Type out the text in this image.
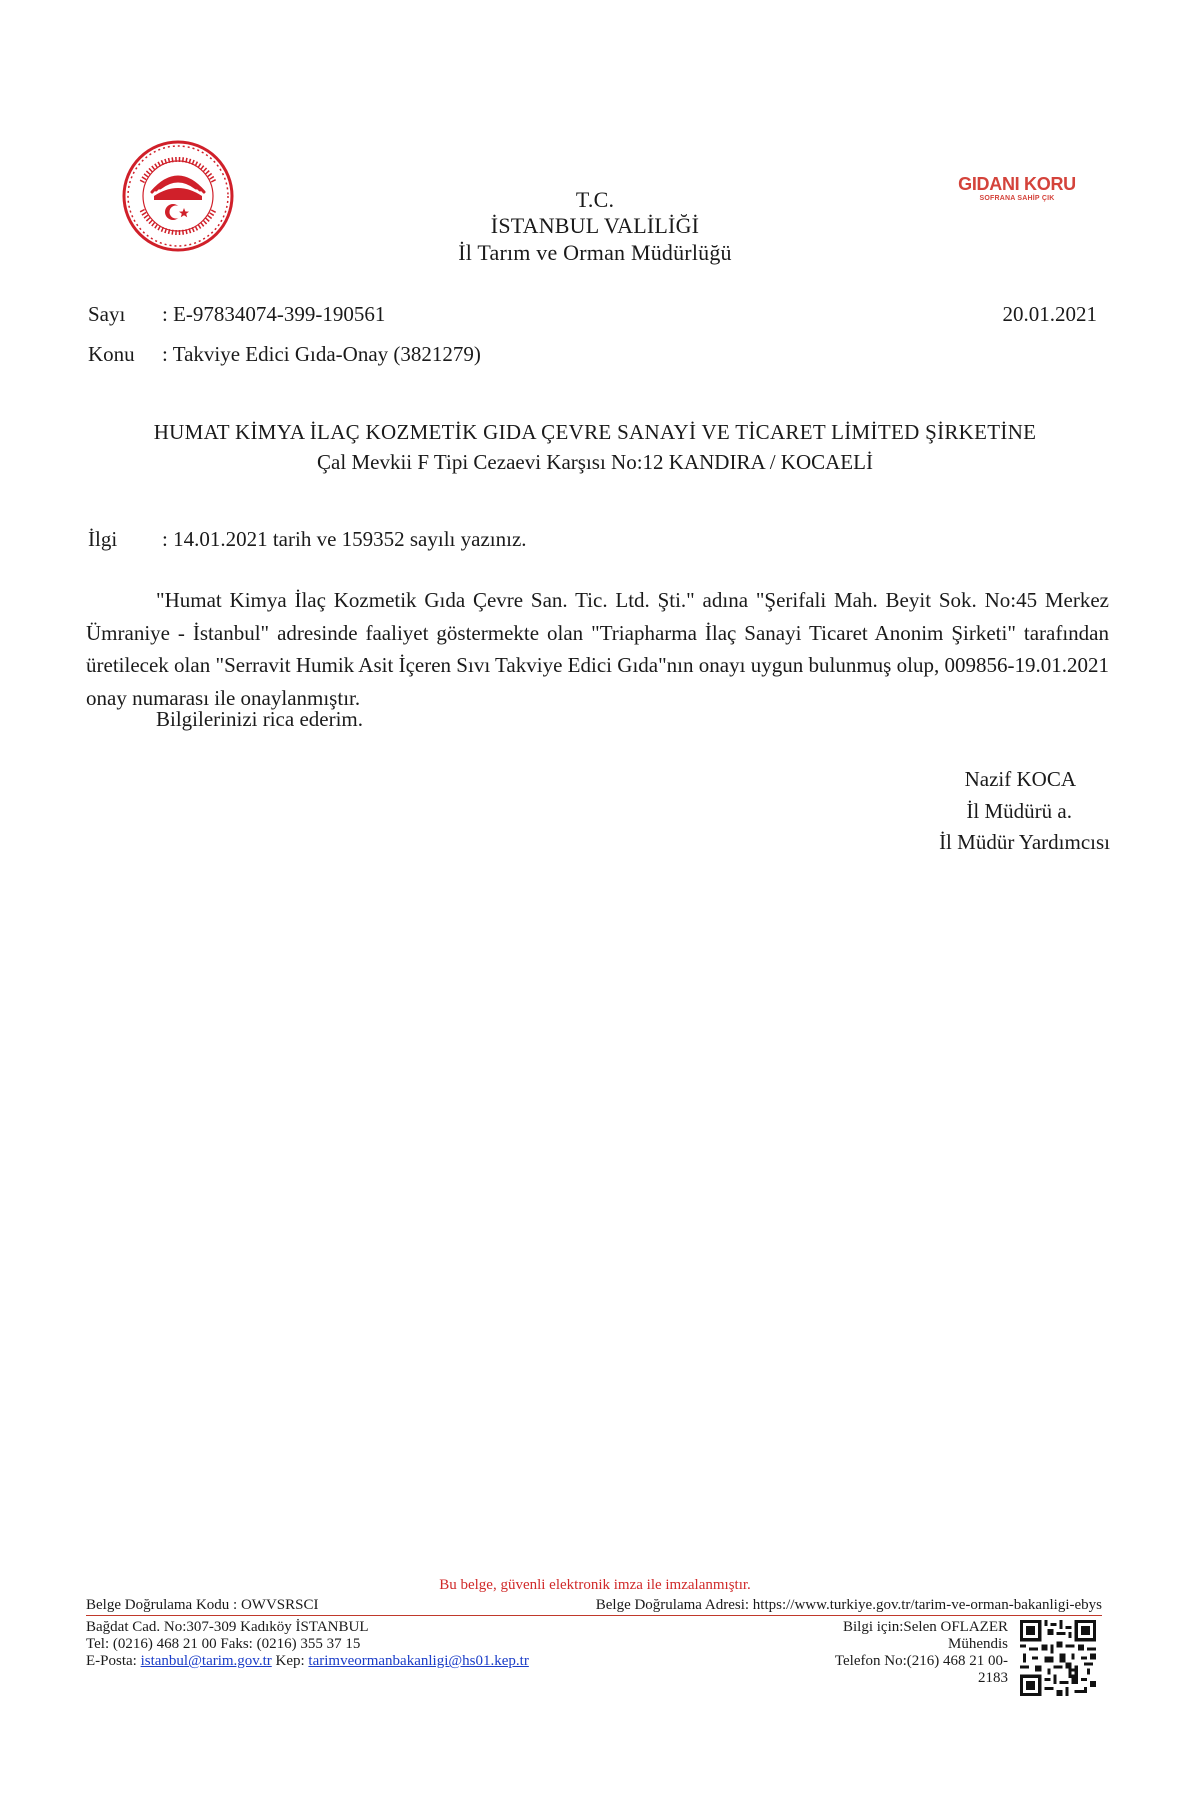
T.C.
İSTANBUL VALİLİĞİ
İl Tarım ve Orman Müdürlüğü
GIDANI KORU
SOFRANA SAHİP ÇIK
Sayı : E-97834074-399-190561
Konu : Takviye Edici Gıda-Onay (3821279)
20.01.2021
HUMAT KİMYA İLAÇ KOZMETİK GIDA ÇEVRE SANAYİ VE TİCARET LİMİTED ŞİRKETİNE
Çal Mevkii F Tipi Cezaevi Karşısı No:12 KANDIRA / KOCAELİ
İlgi : 14.01.2021 tarih ve 159352 sayılı yazınız.
"Humat Kimya İlaç Kozmetik Gıda Çevre San. Tic. Ltd. Şti." adına "Şerifali Mah. Beyit Sok. No:45 Merkez Ümraniye - İstanbul" adresinde faaliyet göstermekte olan "Triapharma İlaç Sanayi Ticaret Anonim Şirketi" tarafından üretilecek olan "Serravit Humik Asit İçeren Sıvı Takviye Edici Gıda"nın onayı uygun bulunmuş olup, 009856-19.01.2021 onay numarası ile onaylanmıştır.
Bilgilerinizi rica ederim.
Nazif KOCA
İl Müdürü a.
İl Müdür Yardımcısı
Bu belge, güvenli elektronik imza ile imzalanmıştır.
Belge Doğrulama Kodu : OWVSRSCI	Belge Doğrulama Adresi: https://www.turkiye.gov.tr/tarim-ve-orman-bakanligi-ebys
Bağdat Cad. No:307-309 Kadıköy İSTANBUL
Tel: (0216) 468 21 00 Faks: (0216) 355 37 15
E-Posta: istanbul@tarim.gov.tr Kep: tarimveormanbakanligi@hs01.kep.tr
Bilgi için:Selen OFLAZER
Mühendis
Telefon No:(216) 468 21 00-
2183
